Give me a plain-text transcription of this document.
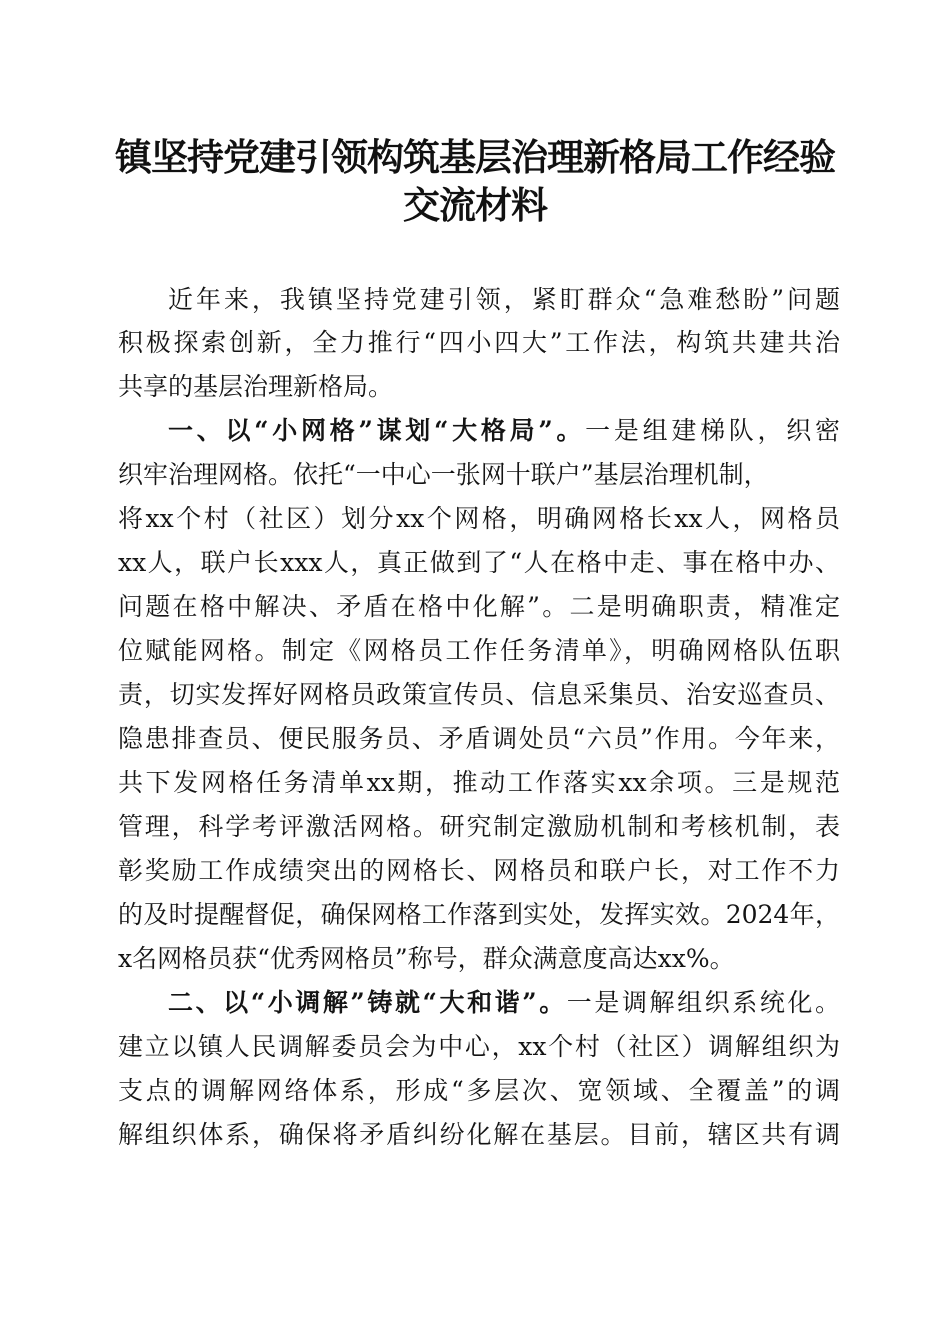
镇坚持党建引领构筑基层治理新格局工作经验
交流材料
近年来，我镇坚持党建引领，紧盯群众“急难愁盼”问题
积极探索创新，全力推行“四小四大”工作法，构筑共建共治
共享的基层治理新格局。
一、以“小网格”谋划“大格局”。一是组建梯队，织密
织牢治理网格。依托“一中心一张网十联户”基层治理机制，
将xx个村（社区）划分xx个网格，明确网格长xx人，网格员
xx人，联户长xxx人，真正做到了“人在格中走、事在格中办、
问题在格中解决、矛盾在格中化解”。二是明确职责，精准定
位赋能网格。制定《网格员工作任务清单》，明确网格队伍职
责，切实发挥好网格员政策宣传员、信息采集员、治安巡查员、
隐患排查员、便民服务员、矛盾调处员“六员”作用。今年来，
共下发网格任务清单xx期，推动工作落实xx余项。三是规范
管理，科学考评激活网格。研究制定激励机制和考核机制，表
彰奖励工作成绩突出的网格长、网格员和联户长，对工作不力
的及时提醒督促，确保网格工作落到实处，发挥实效。2024年，
x名网格员获“优秀网格员”称号，群众满意度高达xx%。
二、以“小调解”铸就“大和谐”。一是调解组织系统化。
建立以镇人民调解委员会为中心，xx个村（社区）调解组织为
支点的调解网络体系，形成“多层次、宽领域、全覆盖”的调
解组织体系，确保将矛盾纠纷化解在基层。目前，辖区共有调
